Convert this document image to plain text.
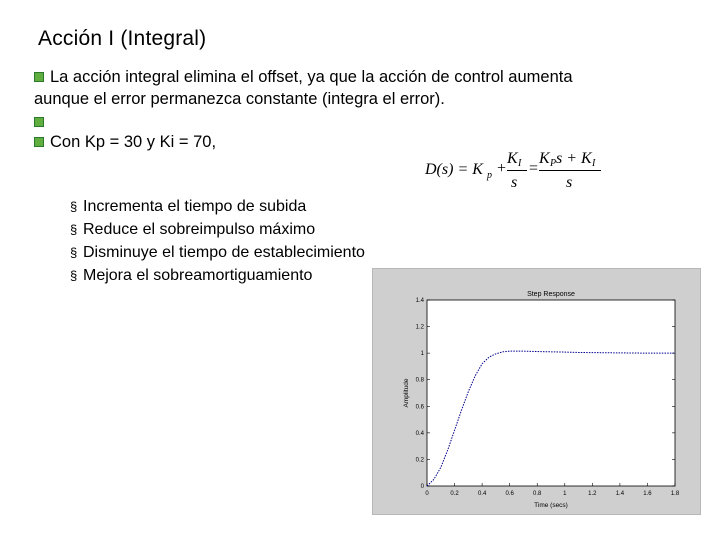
Acción I (Integral)
La acción integral elimina el offset, ya que la acción de control aumenta
aunque el error permanezca constante (integra el error).
Con Kp = 30 y Ki = 70,
D(s) = K p +
K I
s
=
K P s + K I
s
§ Incrementa el tiempo de subida
§ Reduce el sobreimpulso máximo
§ Disminuye el tiempo de establecimiento
§ Mejora el sobreamortiguamiento
Step Response
Time (secs)
Amplitude
0	0.2	0.4	0.6	0.8	1	1.2	1.4	1.6	1.8
0
0.2
0.4
0.6
0.8
1
1.2
1.4
